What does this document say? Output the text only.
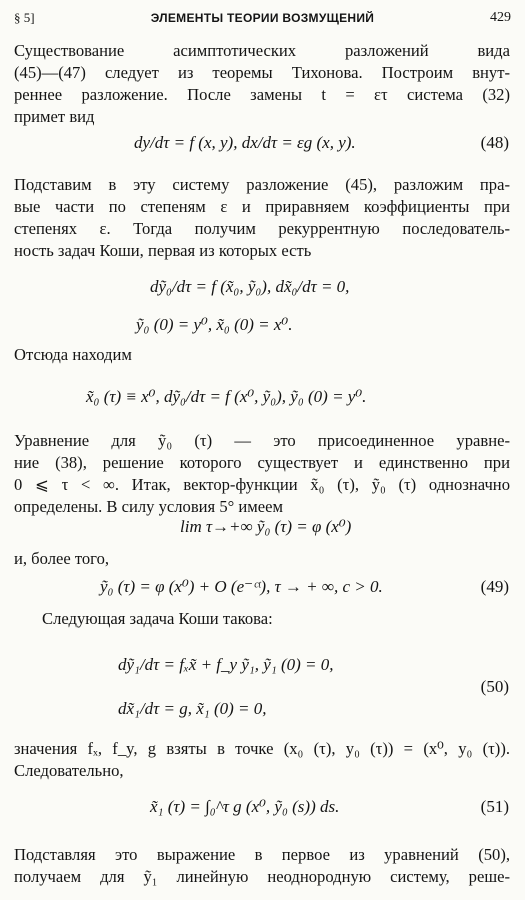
§ 5]	ЭЛЕМЕНТЫ ТЕОРИИ ВОЗМУЩЕНИЙ	429
Существование асимптотических разложений вида
(45)—(47) следует из теоремы Тихонова. Построим внут-
реннее разложение. После замены t = ετ система (32)
примет вид
dy/dτ = f (x, y), dx/dτ = εg (x, y).	(48)
Подставим в эту систему разложение (45), разложим пра-
вые части по степеням ε и приравняем коэффициенты при
степенях ε. Тогда получим рекуррентную последователь-
ность задач Коши, первая из которых есть
dỹ₀/dτ = f (x̃₀, ỹ₀), dx̃₀/dτ = 0,
ỹ₀ (0) = y⁰, x̃₀ (0) = x⁰.
Отсюда находим
x̃₀ (τ) ≡ x⁰, dỹ₀/dτ = f (x⁰, ỹ₀), ỹ₀ (0) = y⁰.
Уравнение для ỹ₀ (τ) — это присоединенное уравне-
ние (38), решение которого существует и единственно при
0 ⩽ τ < ∞. Итак, вектор-функции x̃₀ (τ), ỹ₀ (τ) однозначно
определены. В силу условия 5° имеем
lim τ→+∞ ỹ₀ (τ) = φ (x⁰)
и, более того,
ỹ₀ (τ) = φ (x⁰) + O (e⁻ᶜᵗ), τ → + ∞, c > 0.	(49)
Следующая задача Коши такова:
dỹ₁/dτ = fₓx̃ + f_y ỹ₁, ỹ₁ (0) = 0,
dx̃₁/dτ = g, x̃₁ (0) = 0,
(50)
значения fₓ, f_y, g взяты в точке (x₀ (τ), y₀ (τ)) = (x⁰, y₀ (τ)).
Следовательно,
x̃₁ (τ) = ∫₀^τ g (x⁰, ỹ₀ (s)) ds.	(51)
Подставляя это выражение в первое из уравнений (50),
получаем для ỹ₁ линейную неоднородную систему, реше-
